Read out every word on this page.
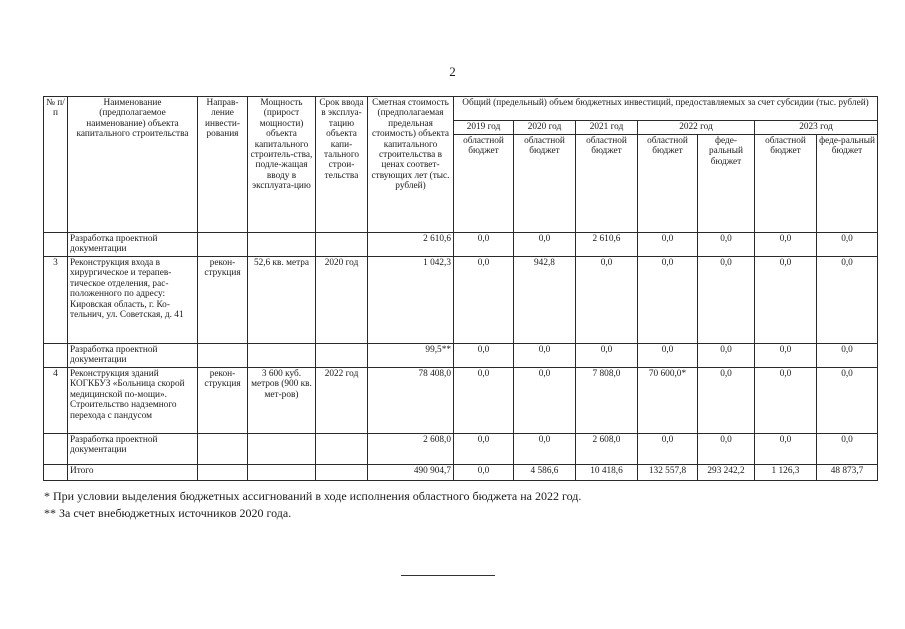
2
№ п/п	Наименование (предполагаемое наименование) объекта капитального строительства	Направ-ление инвести-рования	Мощность (прирост мощности) объекта капитального строитель-ства, подле-жащая вводу в эксплуата-цию	Срок ввода в эксплуа-тацию объекта капи-тального строи-тельства	Сметная стоимость (предполагаемая предельная стоимость) объекта капитального строительства в ценах соответ-ствующих лет (тыс. рублей)	Общий (предельный) объем бюджетных инвестиций, предоставляемых за счет субсидии (тыс. рублей)						
						2019 год	2020 год	2021 год	2022 год		2023 год	
						областной бюджет	областной бюджет	областной бюджет	областной бюджет	феде-ральный бюджет	областной бюджет	феде-ральный бюджет
	Разработка проектной документации				2 610,6	0,0	0,0	2 610,6	0,0	0,0	0,0	0,0
3	Реконструкция входа в хирургическое и терапев-тическое отделения, рас-положенного по адресу: Кировская область, г. Ко-тельнич, ул. Советская, д. 41	рекон-струкция	52,6 кв. метра	2020 год	1 042,3	0,0	942,8	0,0	0,0	0,0	0,0	0,0
	Разработка проектной документации				99,5**	0,0	0,0	0,0	0,0	0,0	0,0	0,0
4	Реконструкция зданий КОГКБУЗ «Больница скорой медицинской по-мощи». Строительство надземного перехода с пандусом	рекон-струкция	3 600 куб. метров (900 кв. мет-ров)	2022 год	78 408,0	0,0	0,0	7 808,0	70 600,0*	0,0	0,0	0,0
	Разработка проектной документации				2 608,0	0,0	0,0	2 608,0	0,0	0,0	0,0	0,0
	Итого				490 904,7	0,0	4 586,6	10 418,6	132 557,8	293 242,2	1 126,3	48 873,7
* При условии выделения бюджетных ассигнований в ходе исполнения областного бюджета на 2022 год.
** За счет внебюджетных источников 2020 года.
